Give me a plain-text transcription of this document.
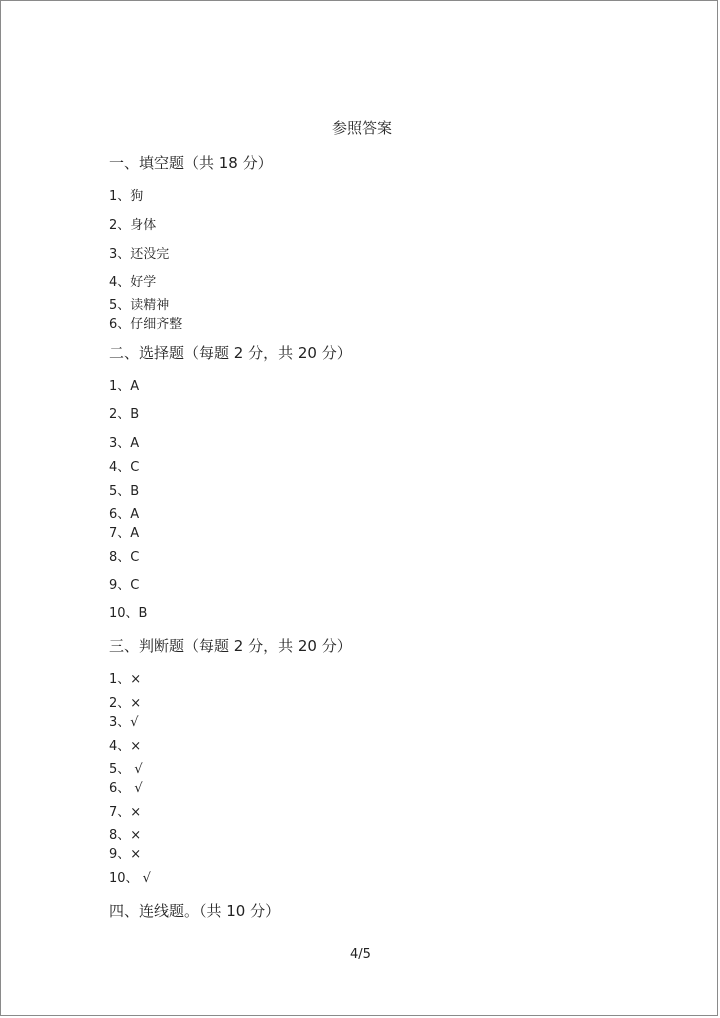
参照答案
一、填空题（共 18 分）
1、狗
2、身体
3、还没完
4、好学
5、读精神
6、仔细齐整
二、选择题（每题 2 分，共 20 分）
1、A
2、B
3、A
4、C
5、B
6、A
7、A
8、C
9、C
10、B
三、判断题（每题 2 分，共 20 分）
1、×
2、×
3、√
4、×
5、 √
6、 √
7、×
8、×
9、×
10、 √
四、连线题。（共 10 分）
4/5
